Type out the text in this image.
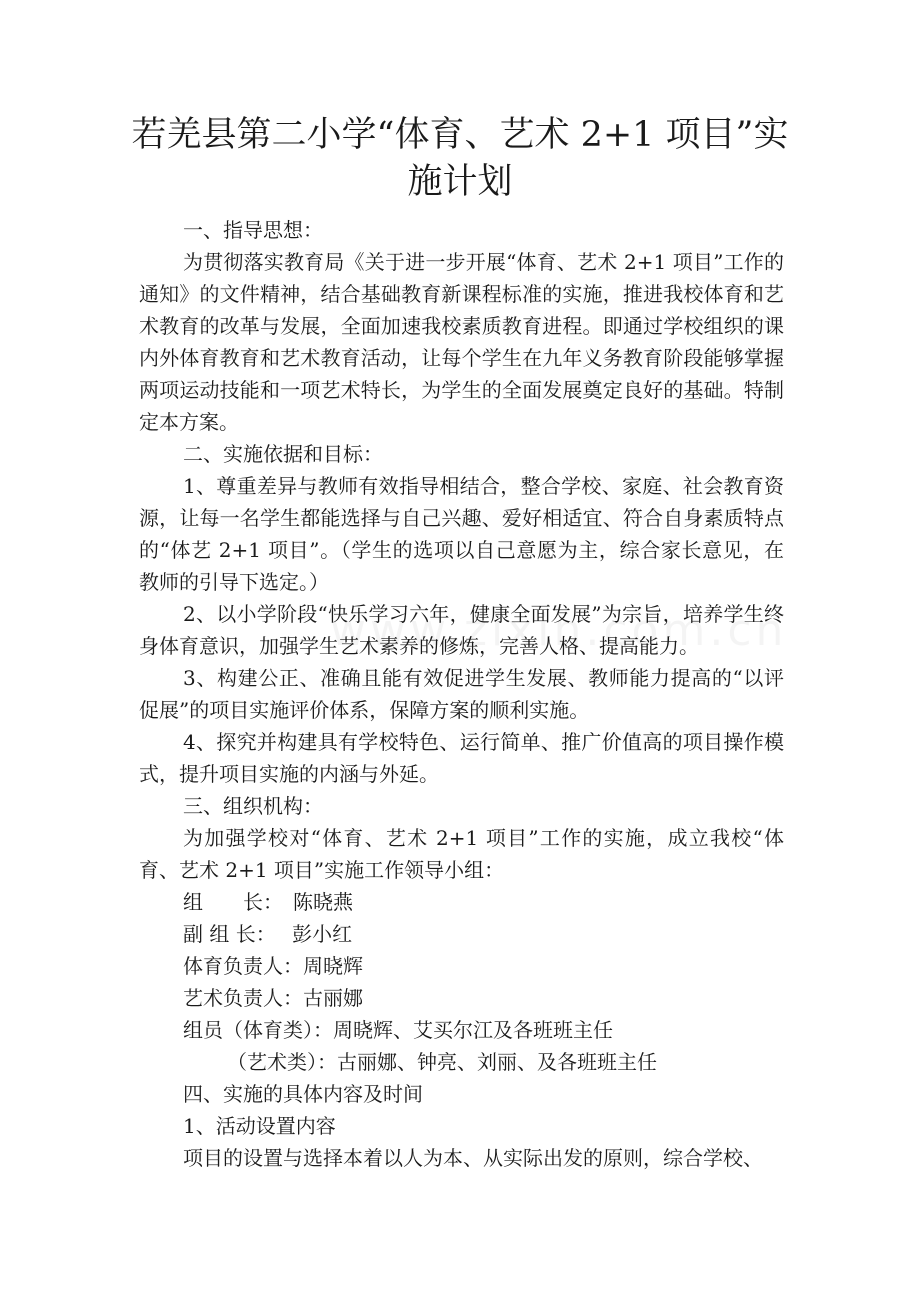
若羌县第二小学“体育、艺术 2+1 项目”实施计划

一、指导思想：

为贯彻落实教育局《关于进一步开展“体育、艺术 2+1 项目”工作的通知》的文件精神，结合基础教育新课程标准的实施，推进我校体育和艺术教育的改革与发展，全面加速我校素质教育进程。即通过学校组织的课内外体育教育和艺术教育活动，让每个学生在九年义务教育阶段能够掌握两项运动技能和一项艺术特长，为学生的全面发展奠定良好的基础。特制定本方案。

二、实施依据和目标：

1、尊重差异与教师有效指导相结合，整合学校、家庭、社会教育资源，让每一名学生都能选择与自己兴趣、爱好相适宜、符合自身素质特点的“体艺 2+1 项目”。（学生的选项以自己意愿为主，综合家长意见，在教师的引导下选定。）

2、以小学阶段“快乐学习六年，健康全面发展”为宗旨，培养学生终身体育意识，加强学生艺术素养的修炼，完善人格、提高能力。

3、构建公正、准确且能有效促进学生发展、教师能力提高的“以评促展”的项目实施评价体系，保障方案的顺利实施。

4、探究并构建具有学校特色、运行简单、推广价值高的项目操作模式，提升项目实施的内涵与外延。

三、组织机构：

为加强学校对“体育、艺术 2+1 项目”工作的实施，成立我校“体育、艺术 2+1 项目”实施工作领导小组：

组　　长：　陈晓燕

副 组 长：　 彭小红

体育负责人：周晓辉

艺术负责人：古丽娜

组员（体育类）：周晓辉、艾买尔江及各班班主任

（艺术类）：古丽娜、钟亮、刘丽、及各班班主任

四、实施的具体内容及时间

1、活动设置内容

项目的设置与选择本着以人为本、从实际出发的原则，综合学校、
